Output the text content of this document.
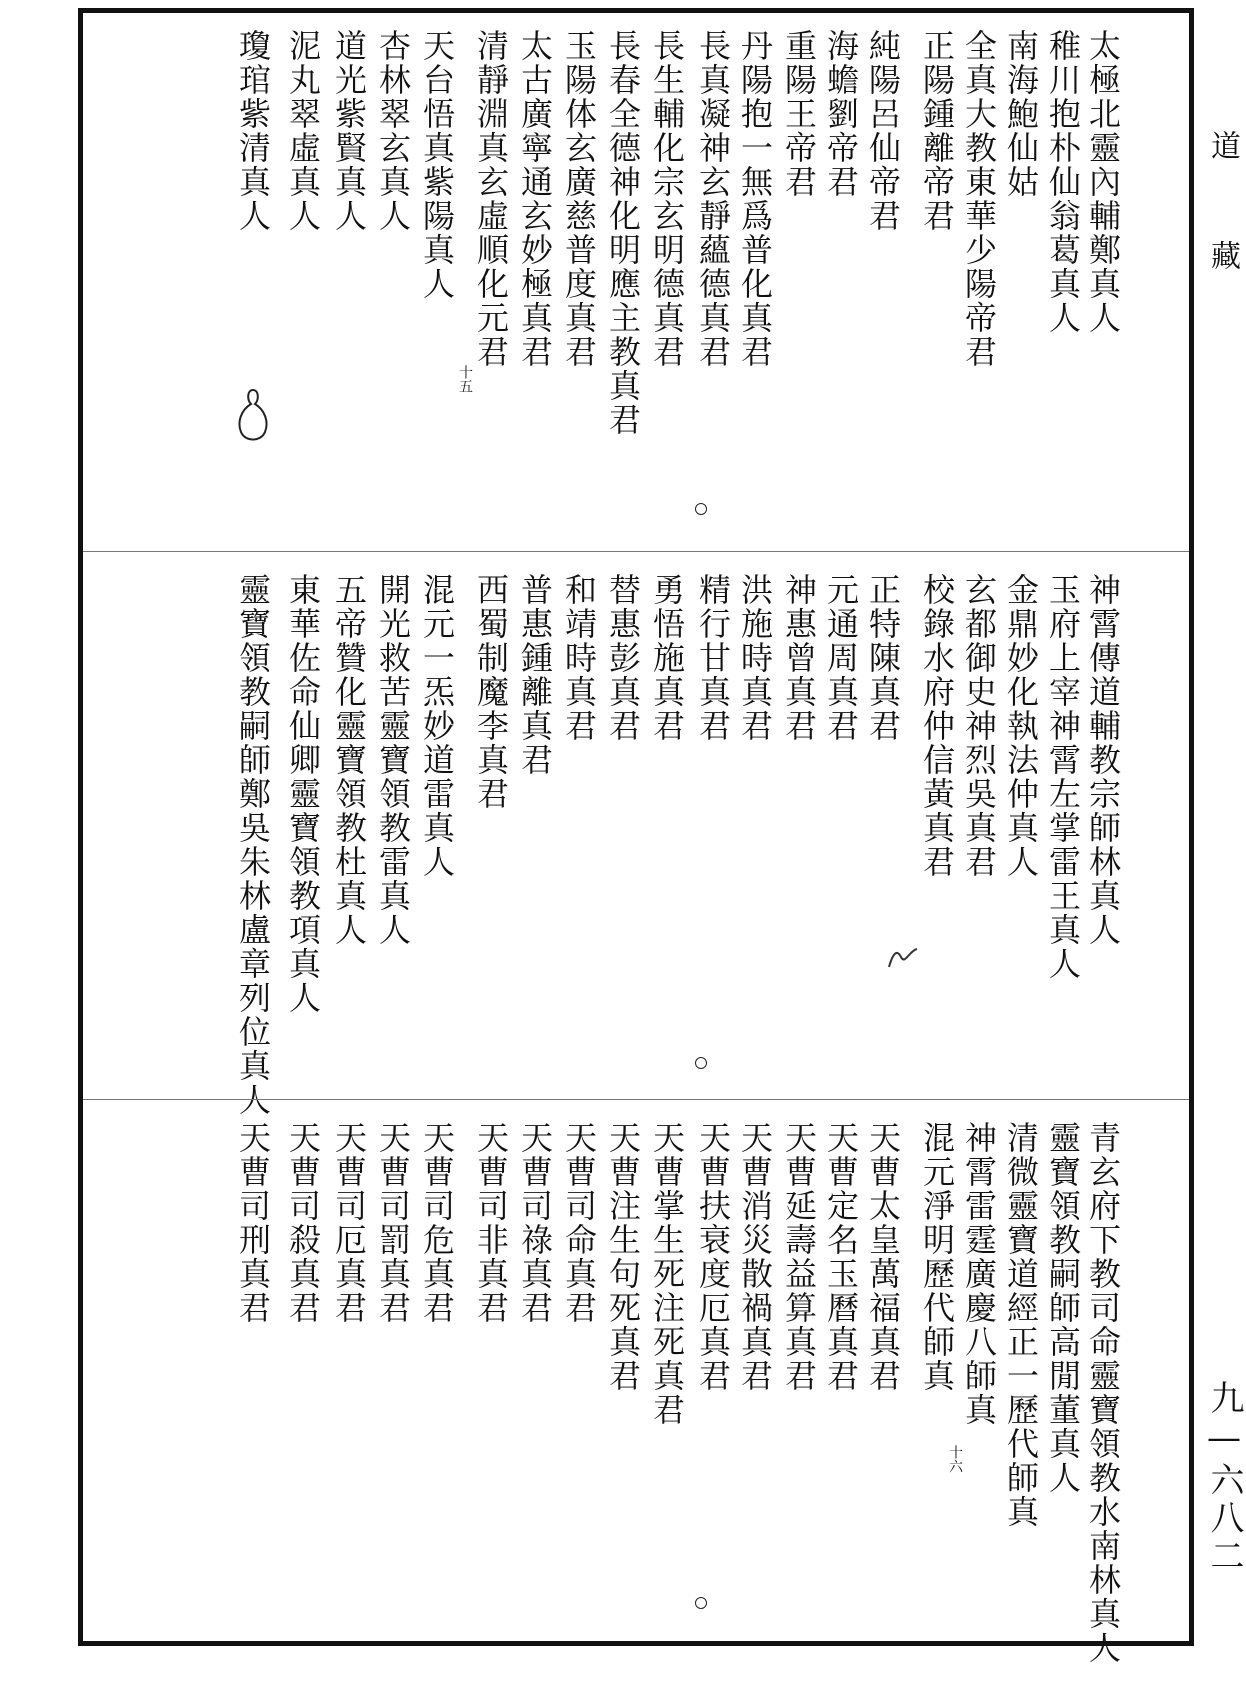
太極北靈內輔鄭真人
稚川抱朴仙翁葛真人
南海鮑仙姑
全真大教東華少陽帝君
正陽鍾離帝君
純陽呂仙帝君
海蟾劉帝君
重陽王帝君
丹陽抱一無爲普化真君
長真凝神玄靜蘊德真君
長生輔化宗玄明德真君
長春全德神化明應主教真君
玉陽体玄廣慈普度真君
太古廣寧通玄妙極真君
清靜淵真玄虛順化元君
天台悟真紫陽真人
杏林翠玄真人
道光紫賢真人
泥丸翠虛真人
瓊琯紫清真人
十五
神霄傳道輔教宗師林真人
玉府上宰神霄左掌雷王真人
金鼎妙化執法仲真人
玄都御史神烈吳真君
校錄水府仲信黃真君
正特陳真君
元通周真君
神惠曾真君
洪施時真君
精行甘真君
勇悟施真君
替惠彭真君
和靖時真君
普惠鍾離真君
西蜀制魔李真君
混元一炁妙道雷真人
開光救苦靈寶領教雷真人
五帝贊化靈寶領教杜真人
東華佐命仙卿靈寶領教項真人
靈寶領教嗣師鄭吳朱林盧章列位真人
青玄府下教司命靈寶領教水南林真人
靈寶領教嗣師高閒董真人
清微靈寶道經正一歷代師真
神霄雷霆廣慶八師真
混元淨明歷代師真
天曹太皇萬福真君
天曹定名玉曆真君
天曹延壽益算真君
天曹消災散禍真君
天曹扶衰度厄真君
天曹掌生死注死真君
天曹注生句死真君
天曹司命真君
天曹司祿真君
天曹司非真君
天曹司危真君
天曹司罰真君
天曹司厄真君
天曹司殺真君
天曹司刑真君
十六
道
藏
九—六八二
